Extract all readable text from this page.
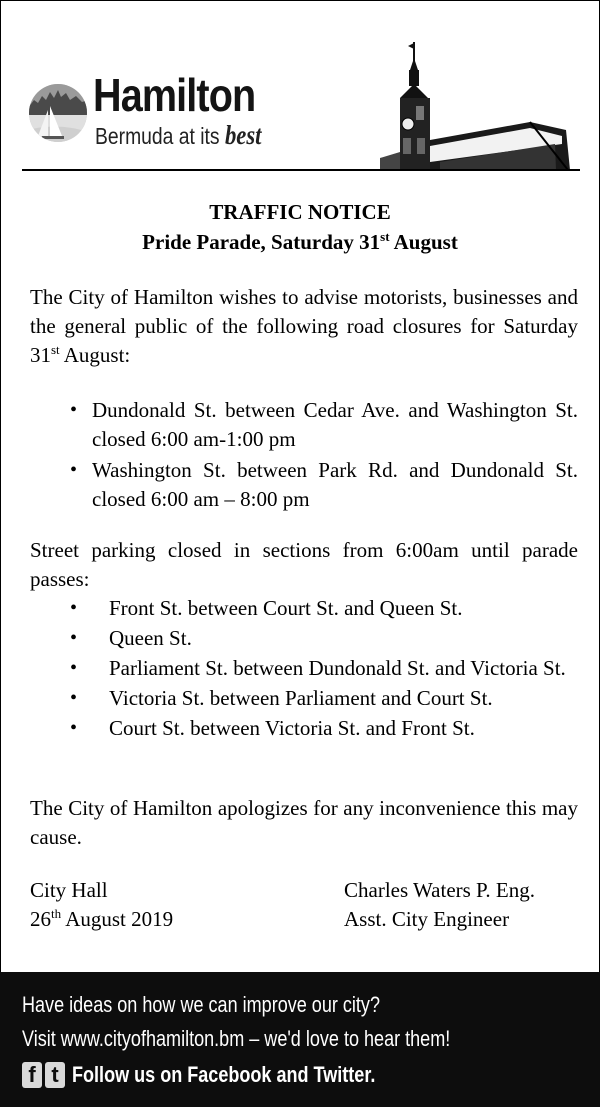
Hamilton

Bermuda at its best

TRAFFIC NOTICE
Pride Parade, Saturday 31st August

The City of Hamilton wishes to advise motorists, businesses and the general public of the following road closures for Saturday 31st August:

• Dundonald St. between Cedar Ave. and Washington St. closed 6:00 am-1:00 pm
• Washington St. between Park Rd. and Dundonald St. closed 6:00 am – 8:00 pm

Street parking closed in sections from 6:00am until parade passes:

• Front St. between Court St. and Queen St.
• Queen St.
• Parliament St. between Dundonald St. and Victoria St.
• Victoria St. between Parliament and Court St.
• Court St. between Victoria St. and Front St.

The City of Hamilton apologizes for any inconvenience this may cause.

City Hall
26th August 2019
Charles Waters P. Eng.
Asst. City Engineer

Have ideas on how we can improve our city?

Visit www.cityofhamilton.bm – we'd love to hear them!

f t Follow us on Facebook and Twitter.
